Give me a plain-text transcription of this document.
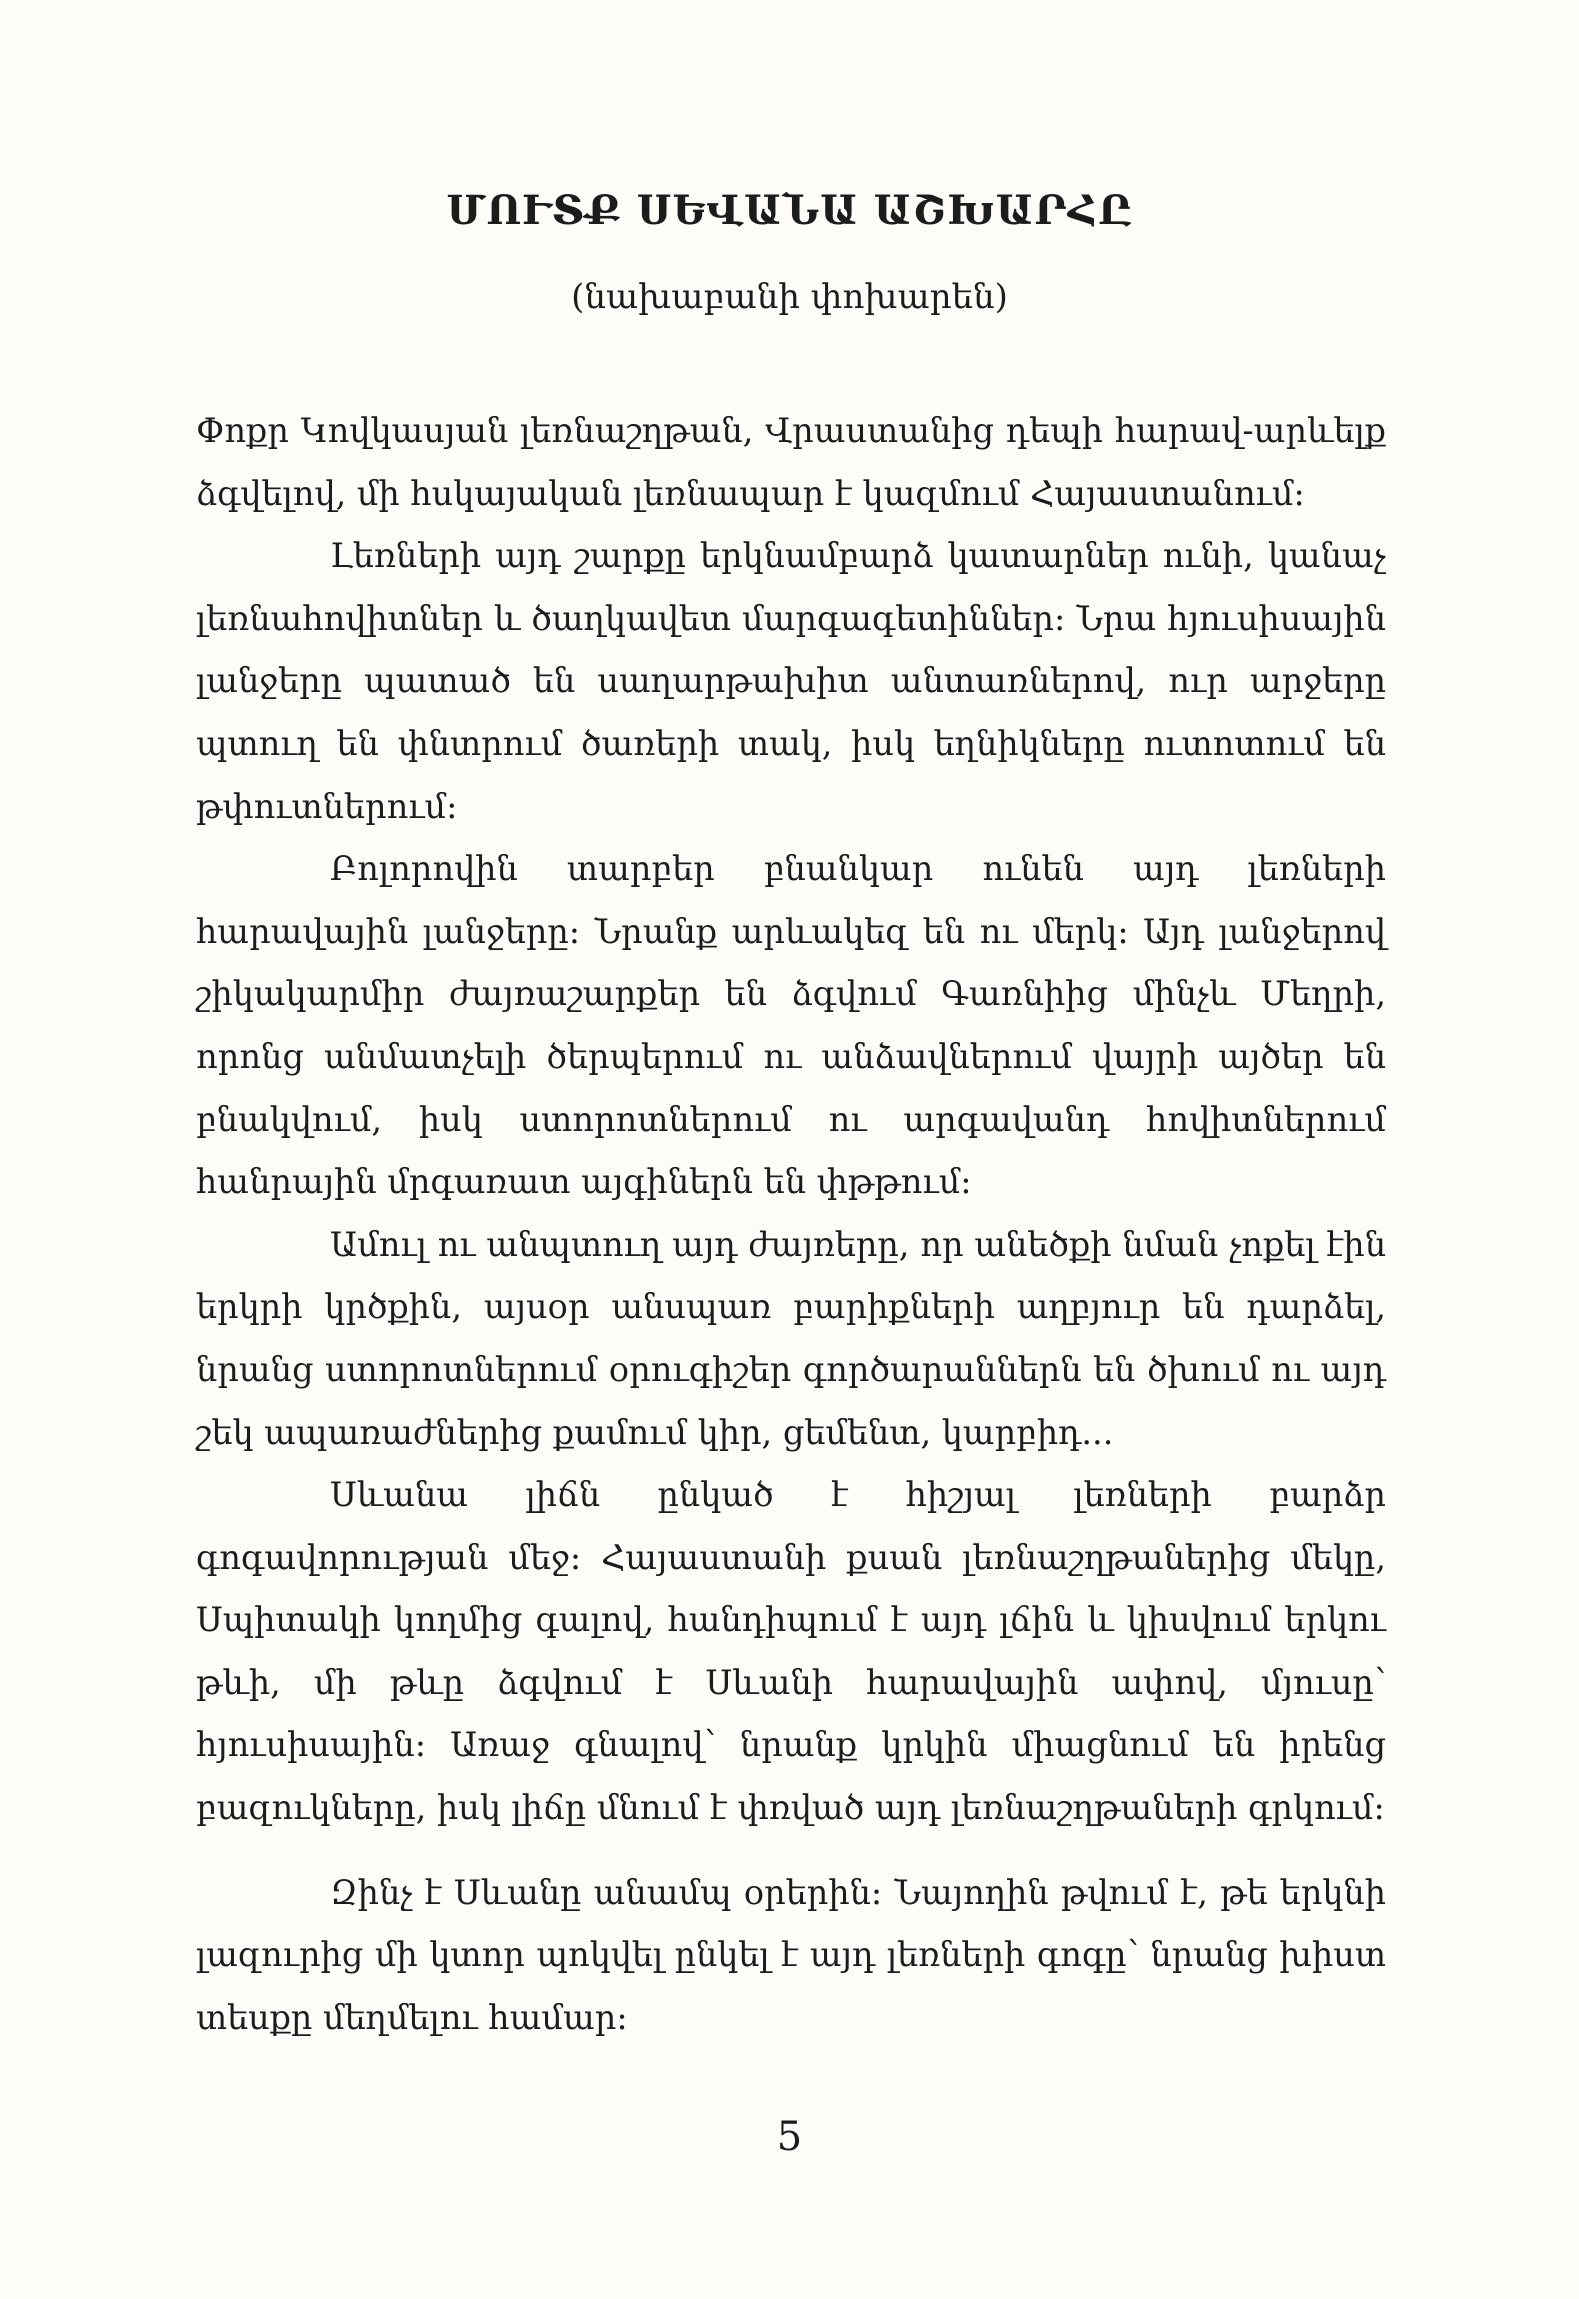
ՄՈՒՏՔ ՍԵՎԱՆԱ ԱՇԽԱՐՀԸ

(նախաբանի փոխարեն)

Փոքր Կովկասյան լեռնաշղթան, Վրաստանից դեպի հարավ-արևելք ձգվելով, մի հսկայական լեռնապար է կազմում Հայաստանում:

Լեռների այդ շարքը երկնամբարձ կատարներ ունի, կանաչ լեռնահովիտներ և ծաղկավետ մարգագետիններ: Նրա հյուսիսային լանջերը պատած են սաղարթախիտ անտառներով, ուր արջերը պտուղ են փնտրում ծառերի տակ, իսկ եղնիկները ուտոտում են թփուտներում:

Բոլորովին տարբեր բնանկար ունեն այդ լեռների հարավային լանջերը: Նրանք արևակեզ են ու մերկ: Այդ լանջերով շիկակարմիր ժայռաշարքեր են ձգվում Գառնիից մինչև Մեղրի, որոնց անմատչելի ծերպերում ու անձավներում վայրի այծեր են բնակվում, իսկ ստորոտներում ու արգավանդ հովիտներում հանրային մրգառատ այգիներն են փթթում:

Ամուլ ու անպտուղ այդ ժայռերը, որ անեծքի նման չոքել էին երկրի կրծքին, այսօր անսպառ բարիքների աղբյուր են դարձել, նրանց ստորոտներում օրուգիշեր գործարաններն են ծխում ու այդ շեկ ապառաժներից քամում կիր, ցեմենտ, կարբիդ...

Սևանա լիճն ընկած է հիշյալ լեռների բարձր գոգավորության մեջ: Հայաստանի քսան լեռնաշղթաներից մեկը, Սպիտակի կողմից գալով, հանդիպում է այդ լճին և կիսվում երկու թևի, մի թևը ձգվում է Սևանի հարավային ափով, մյուսը՝ հյուսիսային: Առաջ գնալով՝ նրանք կրկին միացնում են իրենց բազուկները, իսկ լիճը մնում է փռված այդ լեռնաշղթաների գրկում:

Զինչ է Սևանը անամպ օրերին: Նայողին թվում է, թե երկնի լազուրից մի կտոր պոկվել ընկել է այդ լեռների գոգը՝ նրանց խիստ տեսքը մեղմելու համար:

5
